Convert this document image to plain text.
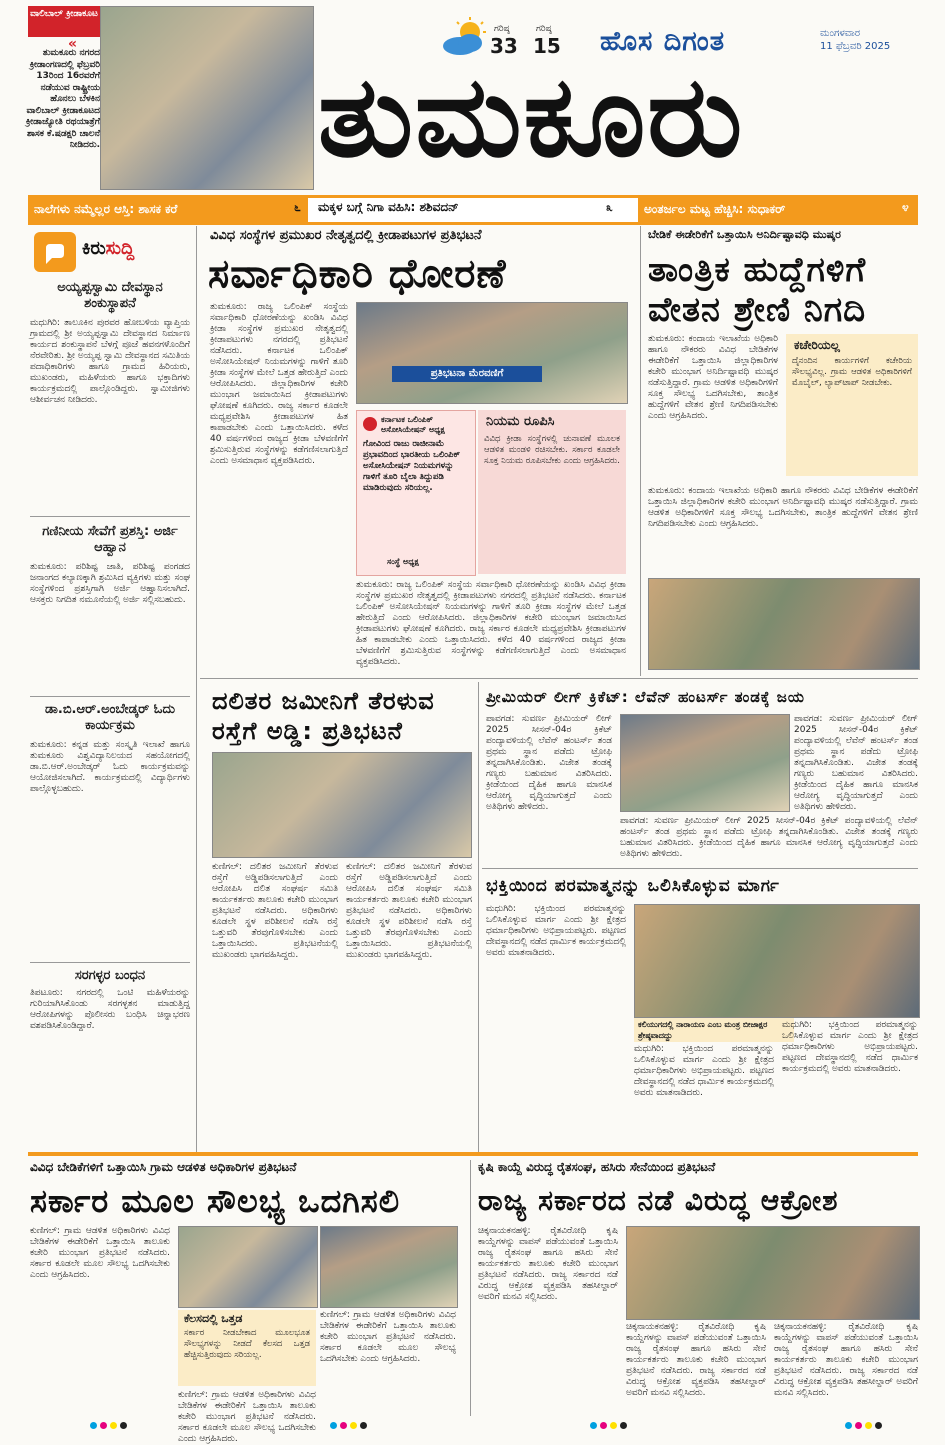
ವಾಲಿಬಾಲ್ ಕ್ರೀಡಾಕೂಟ
«
ತುಮಕೂರು ನಗರದ ಕ್ರೀಡಾಂಗಣದಲ್ಲಿ ಫೆಬ್ರವರಿ 13ರಿಂದ 16ರವರೆಗೆ ನಡೆಯುವ ರಾಷ್ಟ್ರೀಯ ಹೊನಲು ಬೆಳಕಿನ ವಾಲಿಬಾಲ್ ಕ್ರೀಡಾಕೂಟದ ಕ್ರೀಡಾಜ್ಯೋತಿ ರಥಯಾತ್ರೆಗೆ ಶಾಸಕ ಕೆ.ಷಡಕ್ಷರಿ ಚಾಲನೆ ನೀಡಿದರು.
ಗರಿಷ್ಠ
33
ಗರಿಷ್ಠ
15 ಹೊಸ ದಿಗಂತ	ಮಂಗಳವಾರ
11 ಫೆಬ್ರವರಿ 2025
ತುಮಕೂರು
ನಾಲೆಗಳು ನಮ್ಮೆಲ್ಲರ ಆಸ್ತಿ: ಶಾಸಕ ಕರೆ	೬ ಮಕ್ಕಳ ಬಗ್ಗೆ ನಿಗಾ ವಹಿಸಿ: ಶಶಿವದನ್	೩	ಅಂತರ್ಜಲ ಮಟ್ಟ ಹೆಚ್ಚಿಸಿ: ಸುಧಾಕರ್	೪
ಕಿರುಸುದ್ದಿ
ಅಯ್ಯಪ್ಪಸ್ವಾಮಿ ದೇವಸ್ಥಾನ ಶಂಕುಸ್ಥಾಪನೆ
ಮಧುಗಿರಿ: ತಾಲೂಕಿನ ಪುರವರ ಹೋಬಳಿಯ ವ್ಯಾಪ್ತಿಯ ಗ್ರಾಮದಲ್ಲಿ ಶ್ರೀ ಅಯ್ಯಪ್ಪಸ್ವಾಮಿ ದೇವಸ್ಥಾನದ ನಿರ್ಮಾಣ ಕಾರ್ಯದ ಶಂಕುಸ್ಥಾಪನೆ ಬೆಳಗ್ಗೆ ಪೂಜೆ ಹವನಗಳೊಂದಿಗೆ ನೆರವೇರಿತು. ಶ್ರೀ ಅಯ್ಯಪ್ಪ ಸ್ವಾಮಿ ದೇವಸ್ಥಾನದ ಸಮಿತಿಯ ಪದಾಧಿಕಾರಿಗಳು ಹಾಗೂ ಗ್ರಾಮದ ಹಿರಿಯರು, ಮುಖಂಡರು, ಮಹಿಳೆಯರು ಹಾಗೂ ಭಕ್ತಾದಿಗಳು ಕಾರ್ಯಕ್ರಮದಲ್ಲಿ ಪಾಲ್ಗೊಂಡಿದ್ದರು. ಸ್ವಾಮೀಜಿಗಳು ಆಶೀರ್ವಚನ ನೀಡಿದರು.
ಗಣಿನೀಯ ಸೇವೆಗೆ ಪ್ರಶಸ್ತಿ: ಅರ್ಜಿ ಆಹ್ವಾನ
ತುಮಕೂರು: ಪರಿಶಿಷ್ಟ ಜಾತಿ, ಪರಿಶಿಷ್ಟ ಪಂಗಡದ ಜನಾಂಗದ ಕಲ್ಯಾಣಕ್ಕಾಗಿ ಶ್ರಮಿಸಿದ ವ್ಯಕ್ತಿಗಳು ಮತ್ತು ಸಂಘ ಸಂಸ್ಥೆಗಳಿಂದ ಪ್ರಶಸ್ತಿಗಾಗಿ ಅರ್ಜಿ ಆಹ್ವಾನಿಸಲಾಗಿದೆ. ಆಸಕ್ತರು ನಿಗದಿತ ನಮೂನೆಯಲ್ಲಿ ಅರ್ಜಿ ಸಲ್ಲಿಸಬಹುದು.
ಡಾ.ಬಿ.ಆರ್.ಅಂಬೇಡ್ಕರ್ ಓದು ಕಾರ್ಯಕ್ರಮ
ತುಮಕೂರು: ಕನ್ನಡ ಮತ್ತು ಸಂಸ್ಕೃತಿ ಇಲಾಖೆ ಹಾಗೂ ತುಮಕೂರು ವಿಶ್ವವಿದ್ಯಾನಿಲಯದ ಸಹಯೋಗದಲ್ಲಿ ಡಾ.ಬಿ.ಆರ್.ಅಂಬೇಡ್ಕರ್ ಓದು ಕಾರ್ಯಕ್ರಮವನ್ನು ಆಯೋಜಿಸಲಾಗಿದೆ. ಕಾರ್ಯಕ್ರಮದಲ್ಲಿ ವಿದ್ಯಾರ್ಥಿಗಳು ಪಾಲ್ಗೊಳ್ಳಬಹುದು.
ಸರಗಳ್ಳರ ಬಂಧನ
ತಿಪಟೂರು: ನಗರದಲ್ಲಿ ಒಂಟಿ ಮಹಿಳೆಯರನ್ನು ಗುರಿಯಾಗಿಸಿಕೊಂಡು ಸರಗಳ್ಳತನ ಮಾಡುತ್ತಿದ್ದ ಆರೋಪಿಗಳನ್ನು ಪೊಲೀಸರು ಬಂಧಿಸಿ ಚಿನ್ನಾಭರಣ ವಶಪಡಿಸಿಕೊಂಡಿದ್ದಾರೆ.
ವಿವಿಧ ಸಂಸ್ಥೆಗಳ ಪ್ರಮುಖರ ನೇತೃತ್ವದಲ್ಲಿ ಕ್ರೀಡಾಪಟುಗಳ ಪ್ರತಿಭಟನೆ
ಸರ್ವಾಧಿಕಾರಿ ಧೋರಣೆ
ತುಮಕೂರು: ರಾಜ್ಯ ಒಲಿಂಪಿಕ್ ಸಂಸ್ಥೆಯ ಸರ್ವಾಧಿಕಾರಿ ಧೋರಣೆಯನ್ನು ಖಂಡಿಸಿ ವಿವಿಧ ಕ್ರೀಡಾ ಸಂಸ್ಥೆಗಳ ಪ್ರಮುಖರ ನೇತೃತ್ವದಲ್ಲಿ ಕ್ರೀಡಾಪಟುಗಳು ನಗರದಲ್ಲಿ ಪ್ರತಿಭಟನೆ ನಡೆಸಿದರು. ಕರ್ನಾಟಕ ಒಲಿಂಪಿಕ್ ಅಸೋಸಿಯೇಷನ್ ನಿಯಮಗಳನ್ನು ಗಾಳಿಗೆ ತೂರಿ ಕ್ರೀಡಾ ಸಂಸ್ಥೆಗಳ ಮೇಲೆ ಒತ್ತಡ ಹೇರುತ್ತಿದೆ ಎಂದು ಆರೋಪಿಸಿದರು. ಜಿಲ್ಲಾಧಿಕಾರಿಗಳ ಕಚೇರಿ ಮುಂಭಾಗ ಜಮಾಯಿಸಿದ ಕ್ರೀಡಾಪಟುಗಳು ಘೋಷಣೆ ಕೂಗಿದರು. ರಾಜ್ಯ ಸರ್ಕಾರ ಕೂಡಲೇ ಮಧ್ಯಪ್ರವೇಶಿಸಿ ಕ್ರೀಡಾಪಟುಗಳ ಹಿತ ಕಾಪಾಡಬೇಕು ಎಂದು ಒತ್ತಾಯಿಸಿದರು. ಕಳೆದ 40 ವರ್ಷಗಳಿಂದ ರಾಜ್ಯದ ಕ್ರೀಡಾ ಬೆಳವಣಿಗೆಗೆ ಶ್ರಮಿಸುತ್ತಿರುವ ಸಂಸ್ಥೆಗಳನ್ನು ಕಡೆಗಣಿಸಲಾಗುತ್ತಿದೆ ಎಂದು ಅಸಮಾಧಾನ ವ್ಯಕ್ತಪಡಿಸಿದರು.
ಪ್ರತಿಭಟನಾ ಮೆರವಣಿಗೆ
ಕರ್ನಾಟಕ ಒಲಿಂಪಿಕ್ ಅಸೋಸಿಯೇಷನ್ ಅಧ್ಯಕ್ಷ
ಗೋವಿಂದ ರಾಜು ರಾಜೀನಾಮೆ ಪ್ರಭಾವದಿಂದ ಭಾರತೀಯ ಒಲಿಂಪಿಕ್ ಅಸೋಸಿಯೇಷನ್ ನಿಯಮಗಳನ್ನು ಗಾಳಿಗೆ ತೂರಿ ಬೈಲಾ ತಿದ್ದುಪಡಿ ಮಾಡಿರುವುದು ಸರಿಯಲ್ಲ.
ಸಂಸ್ಥೆ ಅಧ್ಯಕ್ಷ
ನಿಯಮ ರೂಪಿಸಿ
ವಿವಿಧ ಕ್ರೀಡಾ ಸಂಸ್ಥೆಗಳಲ್ಲಿ ಚುನಾವಣೆ ಮೂಲಕ ಆಡಳಿತ ಮಂಡಳಿ ರಚಿಸಬೇಕು. ಸರ್ಕಾರ ಕೂಡಲೇ ಸೂಕ್ತ ನಿಯಮ ರೂಪಿಸಬೇಕು ಎಂದು ಆಗ್ರಹಿಸಿದರು.
ತುಮಕೂರು: ರಾಜ್ಯ ಒಲಿಂಪಿಕ್ ಸಂಸ್ಥೆಯ ಸರ್ವಾಧಿಕಾರಿ ಧೋರಣೆಯನ್ನು ಖಂಡಿಸಿ ವಿವಿಧ ಕ್ರೀಡಾ ಸಂಸ್ಥೆಗಳ ಪ್ರಮುಖರ ನೇತೃತ್ವದಲ್ಲಿ ಕ್ರೀಡಾಪಟುಗಳು ನಗರದಲ್ಲಿ ಪ್ರತಿಭಟನೆ ನಡೆಸಿದರು. ಕರ್ನಾಟಕ ಒಲಿಂಪಿಕ್ ಅಸೋಸಿಯೇಷನ್ ನಿಯಮಗಳನ್ನು ಗಾಳಿಗೆ ತೂರಿ ಕ್ರೀಡಾ ಸಂಸ್ಥೆಗಳ ಮೇಲೆ ಒತ್ತಡ ಹೇರುತ್ತಿದೆ ಎಂದು ಆರೋಪಿಸಿದರು. ಜಿಲ್ಲಾಧಿಕಾರಿಗಳ ಕಚೇರಿ ಮುಂಭಾಗ ಜಮಾಯಿಸಿದ ಕ್ರೀಡಾಪಟುಗಳು ಘೋಷಣೆ ಕೂಗಿದರು. ರಾಜ್ಯ ಸರ್ಕಾರ ಕೂಡಲೇ ಮಧ್ಯಪ್ರವೇಶಿಸಿ ಕ್ರೀಡಾಪಟುಗಳ ಹಿತ ಕಾಪಾಡಬೇಕು ಎಂದು ಒತ್ತಾಯಿಸಿದರು. ಕಳೆದ 40 ವರ್ಷಗಳಿಂದ ರಾಜ್ಯದ ಕ್ರೀಡಾ ಬೆಳವಣಿಗೆಗೆ ಶ್ರಮಿಸುತ್ತಿರುವ ಸಂಸ್ಥೆಗಳನ್ನು ಕಡೆಗಣಿಸಲಾಗುತ್ತಿದೆ ಎಂದು ಅಸಮಾಧಾನ ವ್ಯಕ್ತಪಡಿಸಿದರು.
ಬೇಡಿಕೆ ಈಡೇರಿಕೆಗೆ ಒತ್ತಾಯಿಸಿ ಅನಿರ್ದಿಷ್ಟಾವಧಿ ಮುಷ್ಕರ
ತಾಂತ್ರಿಕ ಹುದ್ದೆಗಳಿಗೆ
ವೇತನ ಶ್ರೇಣಿ ನಿಗದಿ
ತುಮಕೂರು: ಕಂದಾಯ ಇಲಾಖೆಯ ಅಧಿಕಾರಿ ಹಾಗೂ ನೌಕರರು ವಿವಿಧ ಬೇಡಿಕೆಗಳ ಈಡೇರಿಕೆಗೆ ಒತ್ತಾಯಿಸಿ ಜಿಲ್ಲಾಧಿಕಾರಿಗಳ ಕಚೇರಿ ಮುಂಭಾಗ ಅನಿರ್ದಿಷ್ಟಾವಧಿ ಮುಷ್ಕರ ನಡೆಸುತ್ತಿದ್ದಾರೆ. ಗ್ರಾಮ ಆಡಳಿತ ಅಧಿಕಾರಿಗಳಿಗೆ ಸೂಕ್ತ ಸೌಲಭ್ಯ ಒದಗಿಸಬೇಕು, ತಾಂತ್ರಿಕ ಹುದ್ದೆಗಳಿಗೆ ವೇತನ ಶ್ರೇಣಿ ನಿಗದಿಪಡಿಸಬೇಕು ಎಂದು ಆಗ್ರಹಿಸಿದರು.
ಕಚೇರಿಯಲ್ಲ
ದೈನಂದಿನ ಕಾರ್ಯಗಳಿಗೆ ಕಚೇರಿಯ ಸೌಲಭ್ಯವಿಲ್ಲ. ಗ್ರಾಮ ಆಡಳಿತ ಅಧಿಕಾರಿಗಳಿಗೆ ಮೊಬೈಲ್, ಲ್ಯಾಪ್‌ಟಾಪ್ ನೀಡಬೇಕು.
ತುಮಕೂರು: ಕಂದಾಯ ಇಲಾಖೆಯ ಅಧಿಕಾರಿ ಹಾಗೂ ನೌಕರರು ವಿವಿಧ ಬೇಡಿಕೆಗಳ ಈಡೇರಿಕೆಗೆ ಒತ್ತಾಯಿಸಿ ಜಿಲ್ಲಾಧಿಕಾರಿಗಳ ಕಚೇರಿ ಮುಂಭಾಗ ಅನಿರ್ದಿಷ್ಟಾವಧಿ ಮುಷ್ಕರ ನಡೆಸುತ್ತಿದ್ದಾರೆ. ಗ್ರಾಮ ಆಡಳಿತ ಅಧಿಕಾರಿಗಳಿಗೆ ಸೂಕ್ತ ಸೌಲಭ್ಯ ಒದಗಿಸಬೇಕು, ತಾಂತ್ರಿಕ ಹುದ್ದೆಗಳಿಗೆ ವೇತನ ಶ್ರೇಣಿ ನಿಗದಿಪಡಿಸಬೇಕು ಎಂದು ಆಗ್ರಹಿಸಿದರು.
ದಲಿತರ ಜಮೀನಿಗೆ ತೆರಳುವ
ರಸ್ತೆಗೆ ಅಡ್ಡಿ: ಪ್ರತಿಭಟನೆ
ಕುಣಿಗಲ್: ದಲಿತರ ಜಮೀನಿಗೆ ತೆರಳುವ ರಸ್ತೆಗೆ ಅಡ್ಡಿಪಡಿಸಲಾಗುತ್ತಿದೆ ಎಂದು ಆರೋಪಿಸಿ ದಲಿತ ಸಂಘರ್ಷ ಸಮಿತಿ ಕಾರ್ಯಕರ್ತರು ತಾಲೂಕು ಕಚೇರಿ ಮುಂಭಾಗ ಪ್ರತಿಭಟನೆ ನಡೆಸಿದರು. ಅಧಿಕಾರಿಗಳು ಕೂಡಲೇ ಸ್ಥಳ ಪರಿಶೀಲನೆ ನಡೆಸಿ ರಸ್ತೆ ಒತ್ತುವರಿ ತೆರವುಗೊಳಿಸಬೇಕು ಎಂದು ಒತ್ತಾಯಿಸಿದರು. ಪ್ರತಿಭಟನೆಯಲ್ಲಿ ಮುಖಂಡರು ಭಾಗವಹಿಸಿದ್ದರು.
ಕುಣಿಗಲ್: ದಲಿತರ ಜಮೀನಿಗೆ ತೆರಳುವ ರಸ್ತೆಗೆ ಅಡ್ಡಿಪಡಿಸಲಾಗುತ್ತಿದೆ ಎಂದು ಆರೋಪಿಸಿ ದಲಿತ ಸಂಘರ್ಷ ಸಮಿತಿ ಕಾರ್ಯಕರ್ತರು ತಾಲೂಕು ಕಚೇರಿ ಮುಂಭಾಗ ಪ್ರತಿಭಟನೆ ನಡೆಸಿದರು. ಅಧಿಕಾರಿಗಳು ಕೂಡಲೇ ಸ್ಥಳ ಪರಿಶೀಲನೆ ನಡೆಸಿ ರಸ್ತೆ ಒತ್ತುವರಿ ತೆರವುಗೊಳಿಸಬೇಕು ಎಂದು ಒತ್ತಾಯಿಸಿದರು. ಪ್ರತಿಭಟನೆಯಲ್ಲಿ ಮುಖಂಡರು ಭಾಗವಹಿಸಿದ್ದರು.
ಪ್ರೀಮಿಯರ್ ಲೀಗ್ ಕ್ರಿಕೆಟ್: ಲೆವೆನ್ ಹಂಟರ್ಸ್ ತಂಡಕ್ಕೆ ಜಯ
ಪಾವಗಡ: ಸುವರ್ಣ ಪ್ರೀಮಿಯರ್ ಲೀಗ್ 2025 ಸೀಸನ್-04ರ ಕ್ರಿಕೆಟ್ ಪಂದ್ಯಾವಳಿಯಲ್ಲಿ ಲೆವೆನ್ ಹಂಟರ್ಸ್ ತಂಡ ಪ್ರಥಮ ಸ್ಥಾನ ಪಡೆದು ಟ್ರೋಫಿ ತನ್ನದಾಗಿಸಿಕೊಂಡಿತು. ವಿಜೇತ ತಂಡಕ್ಕೆ ಗಣ್ಯರು ಬಹುಮಾನ ವಿತರಿಸಿದರು. ಕ್ರೀಡೆಯಿಂದ ದೈಹಿಕ ಹಾಗೂ ಮಾನಸಿಕ ಆರೋಗ್ಯ ವೃದ್ಧಿಯಾಗುತ್ತದೆ ಎಂದು ಅತಿಥಿಗಳು ಹೇಳಿದರು.
ಪಾವಗಡ: ಸುವರ್ಣ ಪ್ರೀಮಿಯರ್ ಲೀಗ್ 2025 ಸೀಸನ್-04ರ ಕ್ರಿಕೆಟ್ ಪಂದ್ಯಾವಳಿಯಲ್ಲಿ ಲೆವೆನ್ ಹಂಟರ್ಸ್ ತಂಡ ಪ್ರಥಮ ಸ್ಥಾನ ಪಡೆದು ಟ್ರೋಫಿ ತನ್ನದಾಗಿಸಿಕೊಂಡಿತು. ವಿಜೇತ ತಂಡಕ್ಕೆ ಗಣ್ಯರು ಬಹುಮಾನ ವಿತರಿಸಿದರು. ಕ್ರೀಡೆಯಿಂದ ದೈಹಿಕ ಹಾಗೂ ಮಾನಸಿಕ ಆರೋಗ್ಯ ವೃದ್ಧಿಯಾಗುತ್ತದೆ ಎಂದು ಅತಿಥಿಗಳು ಹೇಳಿದರು.
ಪಾವಗಡ: ಸುವರ್ಣ ಪ್ರೀಮಿಯರ್ ಲೀಗ್ 2025 ಸೀಸನ್-04ರ ಕ್ರಿಕೆಟ್ ಪಂದ್ಯಾವಳಿಯಲ್ಲಿ ಲೆವೆನ್ ಹಂಟರ್ಸ್ ತಂಡ ಪ್ರಥಮ ಸ್ಥಾನ ಪಡೆದು ಟ್ರೋಫಿ ತನ್ನದಾಗಿಸಿಕೊಂಡಿತು. ವಿಜೇತ ತಂಡಕ್ಕೆ ಗಣ್ಯರು ಬಹುಮಾನ ವಿತರಿಸಿದರು. ಕ್ರೀಡೆಯಿಂದ ದೈಹಿಕ ಹಾಗೂ ಮಾನಸಿಕ ಆರೋಗ್ಯ ವೃದ್ಧಿಯಾಗುತ್ತದೆ ಎಂದು ಅತಿಥಿಗಳು ಹೇಳಿದರು.
ಭಕ್ತಿಯಿಂದ ಪರಮಾತ್ಮನನ್ನು ಒಲಿಸಿಕೊಳ್ಳುವ ಮಾರ್ಗ
ಮಧುಗಿರಿ: ಭಕ್ತಿಯಿಂದ ಪರಮಾತ್ಮನನ್ನು ಒಲಿಸಿಕೊಳ್ಳುವ ಮಾರ್ಗ ಎಂದು ಶ್ರೀ ಕ್ಷೇತ್ರದ ಧರ್ಮಾಧಿಕಾರಿಗಳು ಅಭಿಪ್ರಾಯಪಟ್ಟರು. ಪಟ್ಟಣದ ದೇವಸ್ಥಾನದಲ್ಲಿ ನಡೆದ ಧಾರ್ಮಿಕ ಕಾರ್ಯಕ್ರಮದಲ್ಲಿ ಅವರು ಮಾತನಾಡಿದರು.
ಕಲಿಯುಗದಲ್ಲಿ ನಾರಾಯಣ ಎಂಬ ಮಂತ್ರ ಬೀಜಾಕ್ಷರ ಶ್ರೇಷ್ಠವಾದದ್ದು
ಮಧುಗಿರಿ: ಭಕ್ತಿಯಿಂದ ಪರಮಾತ್ಮನನ್ನು ಒಲಿಸಿಕೊಳ್ಳುವ ಮಾರ್ಗ ಎಂದು ಶ್ರೀ ಕ್ಷೇತ್ರದ ಧರ್ಮಾಧಿಕಾರಿಗಳು ಅಭಿಪ್ರಾಯಪಟ್ಟರು. ಪಟ್ಟಣದ ದೇವಸ್ಥಾನದಲ್ಲಿ ನಡೆದ ಧಾರ್ಮಿಕ ಕಾರ್ಯಕ್ರಮದಲ್ಲಿ ಅವರು ಮಾತನಾಡಿದರು.
ಮಧುಗಿರಿ: ಭಕ್ತಿಯಿಂದ ಪರಮಾತ್ಮನನ್ನು ಒಲಿಸಿಕೊಳ್ಳುವ ಮಾರ್ಗ ಎಂದು ಶ್ರೀ ಕ್ಷೇತ್ರದ ಧರ್ಮಾಧಿಕಾರಿಗಳು ಅಭಿಪ್ರಾಯಪಟ್ಟರು. ಪಟ್ಟಣದ ದೇವಸ್ಥಾನದಲ್ಲಿ ನಡೆದ ಧಾರ್ಮಿಕ ಕಾರ್ಯಕ್ರಮದಲ್ಲಿ ಅವರು ಮಾತನಾಡಿದರು.
ವಿವಿಧ ಬೇಡಿಕೆಗಳಿಗೆ ಒತ್ತಾಯಿಸಿ ಗ್ರಾಮ ಆಡಳಿತ ಅಧಿಕಾರಿಗಳ ಪ್ರತಿಭಟನೆ
ಸರ್ಕಾರ ಮೂಲ ಸೌಲಭ್ಯ ಒದಗಿಸಲಿ
ಕುಣಿಗಲ್: ಗ್ರಾಮ ಆಡಳಿತ ಅಧಿಕಾರಿಗಳು ವಿವಿಧ ಬೇಡಿಕೆಗಳ ಈಡೇರಿಕೆಗೆ ಒತ್ತಾಯಿಸಿ ತಾಲೂಕು ಕಚೇರಿ ಮುಂಭಾಗ ಪ್ರತಿಭಟನೆ ನಡೆಸಿದರು. ಸರ್ಕಾರ ಕೂಡಲೇ ಮೂಲ ಸೌಲಭ್ಯ ಒದಗಿಸಬೇಕು ಎಂದು ಆಗ್ರಹಿಸಿದರು.
ಕೆಲಸದಲ್ಲಿ ಒತ್ತಡ
ಸರ್ಕಾರ ನೀಡಬೇಕಾದ ಮೂಲಭೂತ ಸೌಲಭ್ಯಗಳನ್ನು ನೀಡದೆ ಕೆಲಸದ ಒತ್ತಡ ಹೆಚ್ಚಿಸುತ್ತಿರುವುದು ಸರಿಯಲ್ಲ.
ಕುಣಿಗಲ್: ಗ್ರಾಮ ಆಡಳಿತ ಅಧಿಕಾರಿಗಳು ವಿವಿಧ ಬೇಡಿಕೆಗಳ ಈಡೇರಿಕೆಗೆ ಒತ್ತಾಯಿಸಿ ತಾಲೂಕು ಕಚೇರಿ ಮುಂಭಾಗ ಪ್ರತಿಭಟನೆ ನಡೆಸಿದರು. ಸರ್ಕಾರ ಕೂಡಲೇ ಮೂಲ ಸೌಲಭ್ಯ ಒದಗಿಸಬೇಕು ಎಂದು ಆಗ್ರಹಿಸಿದರು.
ಕುಣಿಗಲ್: ಗ್ರಾಮ ಆಡಳಿತ ಅಧಿಕಾರಿಗಳು ವಿವಿಧ ಬೇಡಿಕೆಗಳ ಈಡೇರಿಕೆಗೆ ಒತ್ತಾಯಿಸಿ ತಾಲೂಕು ಕಚೇರಿ ಮುಂಭಾಗ ಪ್ರತಿಭಟನೆ ನಡೆಸಿದರು. ಸರ್ಕಾರ ಕೂಡಲೇ ಮೂಲ ಸೌಲಭ್ಯ ಒದಗಿಸಬೇಕು ಎಂದು ಆಗ್ರಹಿಸಿದರು.
ಕೃಷಿ ಕಾಯ್ದೆ ವಿರುದ್ಧ ರೈತಸಂಘ, ಹಸಿರು ಸೇನೆಯಿಂದ ಪ್ರತಿಭಟನೆ
ರಾಜ್ಯ ಸರ್ಕಾರದ ನಡೆ ವಿರುದ್ಧ ಆಕ್ರೋಶ
ಚಿಕ್ಕನಾಯಕನಹಳ್ಳಿ: ರೈತವಿರೋಧಿ ಕೃಷಿ ಕಾಯ್ದೆಗಳನ್ನು ವಾಪಸ್ ಪಡೆಯುವಂತೆ ಒತ್ತಾಯಿಸಿ ರಾಜ್ಯ ರೈತಸಂಘ ಹಾಗೂ ಹಸಿರು ಸೇನೆ ಕಾರ್ಯಕರ್ತರು ತಾಲೂಕು ಕಚೇರಿ ಮುಂಭಾಗ ಪ್ರತಿಭಟನೆ ನಡೆಸಿದರು. ರಾಜ್ಯ ಸರ್ಕಾರದ ನಡೆ ವಿರುದ್ಧ ಆಕ್ರೋಶ ವ್ಯಕ್ತಪಡಿಸಿ ತಹಸೀಲ್ದಾರ್ ಅವರಿಗೆ ಮನವಿ ಸಲ್ಲಿಸಿದರು.
ಚಿಕ್ಕನಾಯಕನಹಳ್ಳಿ: ರೈತವಿರೋಧಿ ಕೃಷಿ ಕಾಯ್ದೆಗಳನ್ನು ವಾಪಸ್ ಪಡೆಯುವಂತೆ ಒತ್ತಾಯಿಸಿ ರಾಜ್ಯ ರೈತಸಂಘ ಹಾಗೂ ಹಸಿರು ಸೇನೆ ಕಾರ್ಯಕರ್ತರು ತಾಲೂಕು ಕಚೇರಿ ಮುಂಭಾಗ ಪ್ರತಿಭಟನೆ ನಡೆಸಿದರು. ರಾಜ್ಯ ಸರ್ಕಾರದ ನಡೆ ವಿರುದ್ಧ ಆಕ್ರೋಶ ವ್ಯಕ್ತಪಡಿಸಿ ತಹಸೀಲ್ದಾರ್ ಅವರಿಗೆ ಮನವಿ ಸಲ್ಲಿಸಿದರು.
ಚಿಕ್ಕನಾಯಕನಹಳ್ಳಿ: ರೈತವಿರೋಧಿ ಕೃಷಿ ಕಾಯ್ದೆಗಳನ್ನು ವಾಪಸ್ ಪಡೆಯುವಂತೆ ಒತ್ತಾಯಿಸಿ ರಾಜ್ಯ ರೈತಸಂಘ ಹಾಗೂ ಹಸಿರು ಸೇನೆ ಕಾರ್ಯಕರ್ತರು ತಾಲೂಕು ಕಚೇರಿ ಮುಂಭಾಗ ಪ್ರತಿಭಟನೆ ನಡೆಸಿದರು. ರಾಜ್ಯ ಸರ್ಕಾರದ ನಡೆ ವಿರುದ್ಧ ಆಕ್ರೋಶ ವ್ಯಕ್ತಪಡಿಸಿ ತಹಸೀಲ್ದಾರ್ ಅವರಿಗೆ ಮನವಿ ಸಲ್ಲಿಸಿದರು.
